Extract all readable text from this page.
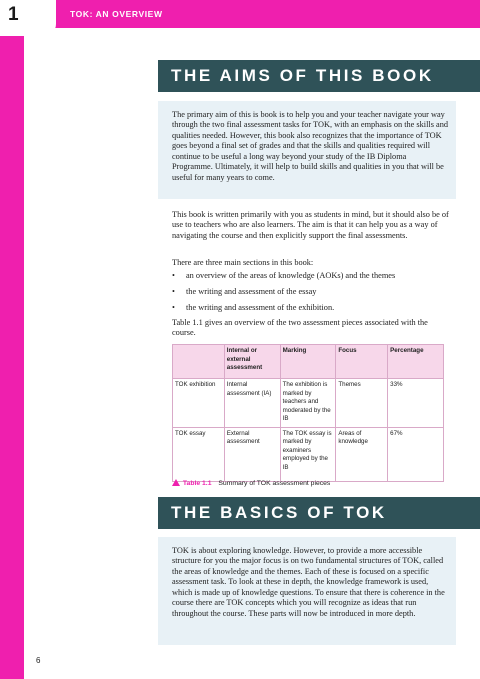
TOK: AN OVERVIEW
1
THE AIMS OF THIS BOOK

The primary aim of this is book is to help you and your teacher navigate your way through the two final assessment tasks for TOK, with an emphasis on the skills and qualities needed. However, this book also recognizes that the importance of TOK goes beyond a final set of grades and that the skills and qualities required will continue to be useful a long way beyond your study of the IB Diploma Programme. Ultimately, it will help to build skills and qualities in you that will be useful for many years to come.

This book is written primarily with you as students in mind, but it should also be of use to teachers who are also learners. The aim is that it can help you as a way of navigating the course and then explicitly support the final assessments.

There are three main sections in this book:

• an overview of the areas of knowledge (AOKs) and the themes
• the writing and assessment of the essay
• the writing and assessment of the exhibition.

Table 1.1 gives an overview of the two assessment pieces associated with the course.

	Internal or external assessment	Marking	Focus	Percentage
TOK exhibition	Internal assessment (IA)	The exhibition is marked by teachers and moderated by the IB	Themes	33%
TOK essay	External assessment	The TOK essay is marked by examiners employed by the IB	Areas of knowledge	67%
Table 1.1 Summary of TOK assessment pieces
THE BASICS OF TOK

TOK is about exploring knowledge. However, to provide a more accessible structure for you the major focus is on two fundamental structures of TOK, called the areas of knowledge and the themes. Each of these is focused on a specific assessment task. To look at these in depth, the knowledge framework is used, which is made up of knowledge questions. To ensure that there is coherence in the course there are TOK concepts which you will recognize as ideas that run throughout the course. These parts will now be introduced in more depth.

6
